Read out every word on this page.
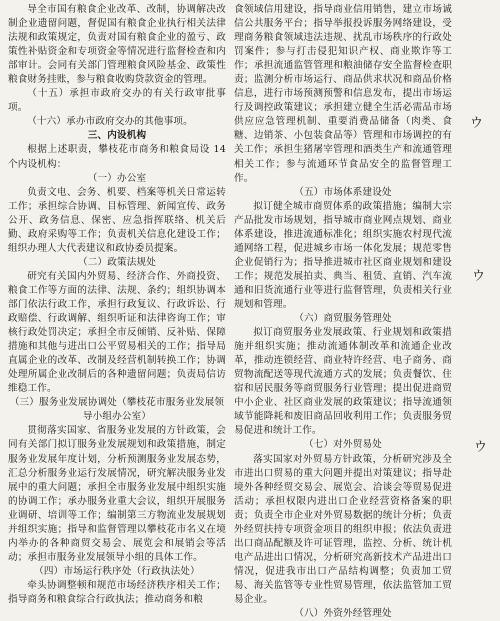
导全市国有粮食企业改革、改制，协调解决改制企业遗留问题，督促国有粮食企业执行相关法律法规和政策规定，负责对国有粮食企业的盈亏、政策性补贴资金和专项资金等情况进行监督检查和内部审计。会同有关部门管理粮食风险基金、政策性粮食财务挂账，参与粮食收购贷款资金的管理。

（十五）承担市政府交办的有关行政审批事项。

（十六）承办市政府交办的其他事项。

三、内设机构

根据上述职责，攀枝花市商务和粮食局设 14 个内设机构：

（一）办公室

负责文电、会务、机要、档案等机关日常运转工作；承担综合协调、目标管理、新闻宣传、政务公开、政务信息、保密、应急指挥联络、机关后勤、政府采购等工作；负责机关信息化建设工作；组织办理人大代表建议和政协委员提案。

（二）政策法规处

研究有关国内外贸易、经济合作、外商投资、粮食工作等方面的法律、法规、条约；组织协调本部门依法行政工作，承担行政复议、行政诉讼、行政赔偿、行政调解、组织听证和法律咨询工作；审核行政处罚决定；承担全市反倾销、反补贴、保障措施和其他与进出口公平贸易相关的工作；指导局直属企业的改革、改制及经营机制转换工作；协调处理所属企业改制后的各种遗留问题；负责局信访维稳工作。

（三）服务业发展协调处（攀枝花市服务业发展领导小组办公室）

贯彻落实国家、省服务业发展的方针政策，会同有关部门拟订服务业发展规划和政策措施，制定服务业发展年度计划，分析预测服务业发展态势，汇总分析服务业运行发展情况，研究解决服务业发展中的重大问题；承担全市服务业发展中组织实施的协调工作；承办服务业重大会议，组织开展服务业调研、培训等工作；编制第三方物流业发展规划并组织实施；指导和监督管理以攀枝花市名义在境内举办的各种商贸交易会、展览会和展销会等活动；承担市服务业发展领导小组的具体工作。

（四）市场运行秩序处（行政执法处）

牵头协调整顿和规范市场经济秩序相关工作；指导商务和粮食综合行政执法；推动商务和粮

食领域信用建设，指导商业信用销售，建立市场诚信公共服务平台；指导举报投诉服务网络建设，受理商务粮食领域违法违规、扰乱市场秩序的行政处罚案件；参与打击侵犯知识产权、商业欺诈等工作；承担流通监管管理和粮油储存安全监督检查职责；监测分析市场运行、商品供求状况和商品价格信息，进行市场预测预警和信息发布，提出市场运行及调控政策建议；承担建立健全生活必需品市场供应应急管理机制、重要消费品储备（肉类、食糖、边销茶、小包装食品等）管理和市场调控的有关工作；承担生猪屠宰管理和酒类生产和流通管理相关工作；参与流通环节食品安全的监督管理工作。

（五）市场体系建设处

拟订健全城市商贸体系的政策措施；编制大宗产品批发市场规划，指导城市商业网点规划、商业体系建设，推进流通标准化；组织实施农村现代流通网络工程，促进城乡市场一体化发展；规范零售企业促销行为；指导推进城市社区商业规划和建设工作；规范发展拍卖、典当、租赁、直销、汽车流通和旧货流通行业等进行监督管理，负责相关行业规划和管理。

（六）商贸服务管理处

拟订商贸服务业发展政策、行业规划和政策措施并组织实施；推动流通体制改革和流通企业改革，推动连锁经营、商业特许经营、电子商务、商贸物流配送等现代流通方式的发展；负责餐饮、住宿和居民服务等商贸服务行业管理；提出促进商贸中小企业、社区商业发展的政策建议；指导流通领域节能降耗和废旧商品回收利用工作；负责服务贸易促进和统计工作。

（七）对外贸易处

落实国家对外贸易方针政策，分析研究涉及全市进出口贸易的重大问题并提出对策建议；指导赴境外各种经贸交易会、展览会、洽谈会等贸易促进活动；承担权限内进出口企业经营资格备案的职责；负责全市企业对外贸易数据的统计分析；负责外经贸扶持专项资金项目的组织申报；依法负责进出口商品配额及许可证管理，监控、分析、统计机电产品进出口情况，分析研究高新技术产品进出口情况，促进我市出口产品结构调整；负责加工贸易、海关监管等专业性贸易管理，依法监管加工贸易企业。

（八）外资外经管理处

ウ
ウ
ウ
